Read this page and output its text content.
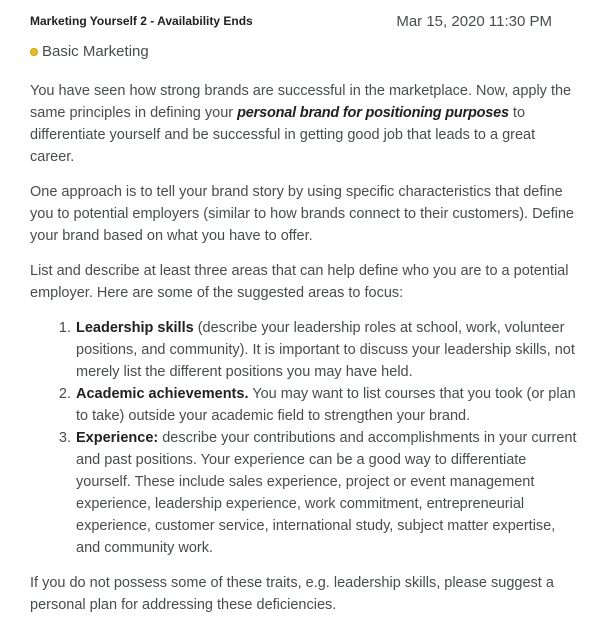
Marketing Yourself 2 - Availability Ends	Mar 15, 2020 11:30 PM
Basic Marketing

You have seen how strong brands are successful in the marketplace. Now, apply the same principles in defining your personal brand for positioning purposes to differentiate yourself and be successful in getting good job that leads to a great career.

One approach is to tell your brand story by using specific characteristics that define you to potential employers (similar to how brands connect to their customers). Define your brand based on what you have to offer.

List and describe at least three areas that can help define who you are to a potential employer. Here are some of the suggested areas to focus:

1. Leadership skills (describe your leadership roles at school, work, volunteer positions, and community). It is important to discuss your leadership skills, not merely list the different positions you may have held.
2. Academic achievements. You may want to list courses that you took (or plan to take) outside your academic field to strengthen your brand.
3. Experience: describe your contributions and accomplishments in your current and past positions. Your experience can be a good way to differentiate yourself. These include sales experience, project or event management experience, leadership experience, work commitment, entrepreneurial experience, customer service, international study, subject matter expertise, and community work.

If you do not possess some of these traits, e.g. leadership skills, please suggest a personal plan for addressing these deficiencies.
